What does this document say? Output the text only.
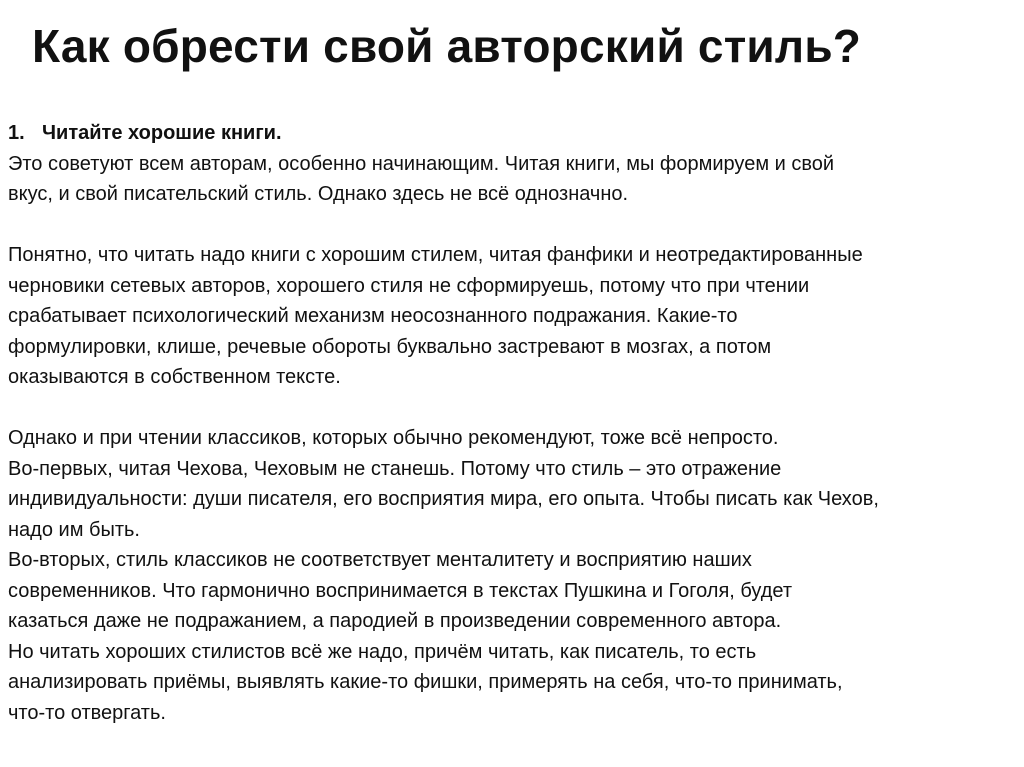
Как обрести свой авторский стиль?
1. Читайте хорошие книги.
Это советуют всем авторам, особенно начинающим. Читая книги, мы формируем и свой
вкус, и свой писательский стиль. Однако здесь не всё однозначно.
Понятно, что читать надо книги с хорошим стилем, читая фанфики и неотредактированные
черновики сетевых авторов, хорошего стиля не сформируешь, потому что при чтении
срабатывает психологический механизм неосознанного подражания. Какие-то
формулировки, клише, речевые обороты буквально застревают в мозгах, а потом
оказываются в собственном тексте.
Однако и при чтении классиков, которых обычно рекомендуют, тоже всё непросто.
Во-первых, читая Чехова, Чеховым не станешь. Потому что стиль – это отражение
индивидуальности: души писателя, его восприятия мира, его опыта. Чтобы писать как Чехов,
надо им быть.
Во-вторых, стиль классиков не соответствует менталитету и восприятию наших
современников. Что гармонично воспринимается в текстах Пушкина и Гоголя, будет
казаться даже не подражанием, а пародией в произведении современного автора.
Но читать хороших стилистов всё же надо, причём читать, как писатель, то есть
анализировать приёмы, выявлять какие-то фишки, примерять на себя, что-то принимать,
что-то отвергать.
